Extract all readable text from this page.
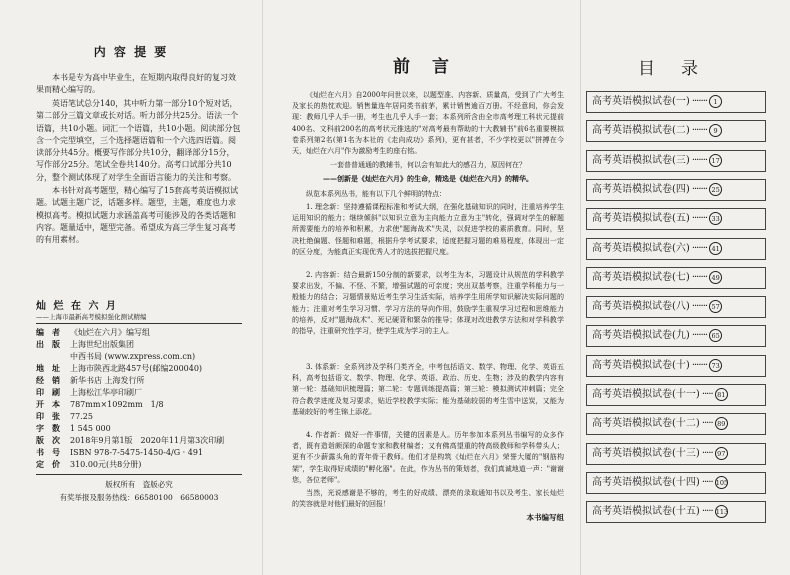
内 容 提 要
本书是专为高中毕业生，在短期内取得良好的复习效果而精心编写的。
英语笔试总分140，其中听力第一部分10个短对话，第二部分三篇文章或长对话。听力部分共25分。语法一个语篇，共10小题。词汇一个语篇，共10小题。阅读部分包含一个完型填空，三个选择题语篇和一个六选四语篇。阅读部分共45分。概要写作部分共10分，翻译部分15分，写作部分25分。笔试全卷共140分。高考口试部分共10分，整个测试体现了对学生全面语言能力的关注和考察。
本书针对高考题型，精心编写了15套高考英语模拟试题。试题主题广泛，话题多样。题型，主题，难度也力求模拟高考。模拟试题力求涵盖高考可能涉及的各类话题和内容。题量适中，题型完备。希望成为高三学生复习高考的有用素材。
灿 烂 在 六 月
——上海市最新高考模拟强化测试精编
编　者 《灿烂在六月》编写组
出　版 上海世纪出版集团
中西书局 (www.zxpress.com.cn)
地　址 上海市陕西北路457号(邮编200040)
经　销 新华书店 上海发行所
印　刷 上海松江华亭印刷厂
开　本 787mm×1092mm　1/8
印　张 77.25
字　数 1 545 000
版　次 2018年9月第1版　2020年11月第3次印刷
书　号 ISBN 978-7-5475-1450-4/G · 491
定　价 310.00元(共8分册)
版权所有　盗版必究
有奖举报及服务热线：66580100　66580003
前言
《灿烂在六月》自2000年问世以来，以题型准、内容新、质量高，受到了广大考生及家长的热忱欢迎。销售量连年居同类书前茅，累计销售逾百万册。不经意间，你会发现：教师几乎人手一册，考生也几乎人手一套；本系列所含由全市高考理工科状元提前400名、文科前200名的高考状元推选的"对高考最有帮助的十大教辅书"前6名重要模拟卷系列第2名(第1名为本社的《走向成功》系列)，更有甚者，不少学校更以"拼搏在今天，灿烂在六月"作为激励考生的座右铭。
一套普普通通的教辅书，何以会有如此大的感召力，原因何在？
——创新是《灿烂在六月》的生命，精选是《灿烂在六月》的精华。
纵览本系列丛书，能有以下几个鲜明的特点：
1. 理念新：坚持遵循课程标准和考试大纲，在强化基础知识的同时，注重培养学生运用知识的能力；继续倾斜"以知识立意为主向能力立意为主"转化，强调对学生的解题所需要能力的培养和积累，力求使"题海战术"失灵，以促进学校的素质教育。同时，坚决杜绝偏题、怪题和难题，根据升学考试要求，适度把握习题的难易程度，体现出一定的区分度，为能真正实现优秀人才的选拔把握尺度。
2. 内容新：结合最新150分制的新要求，以考生为本，习题设计从规范的学科教学要求出发，不偏、不怪、不繁，增强试题的可亲度；突出双基考察，注重学科能力与一般能力的结合；习题情景贴近考生学习生活实际，培养学生用所学知识解决实际问题的能力；注重对考生学习习惯、学习方法的导向作用，鼓励学生重视学习过程和思维能力的培养，反对"题海战术"、死记硬背和繁杂的推导；体现对改进教学方法和对学科教学的指导，注重研究性学习，使学生成为学习的主人。
3. 体系新：全系列涉及学科门类齐全，中考包括语文、数学、物理、化学、英语五科，高考包括语文、数学、物理、化学、英语、政治、历史、生物；涉及的教学内容有第一轮：基础知识梳理篇；第二轮：专题训练提高篇；第三轮：模拟测试冲刺篇；完全符合教学进度及复习要求，贴近学校教学实际；能为基础较弱的考生雪中送炭，又能为基础较好的考生锦上添花。
4. 作者新：做好一件事情，关键的因素是人。历年参加本系列丛书编写的众多作者，既有造诣颇深的命题专家和教材编者；又有佛高望重的特高级教师和学科带头人；更有不少薪露头角的青年骨干教师。他们才是构筑《灿烂在六月》荣誉大厦的"钢筋构架"，学生取得好成绩的"孵化器"。在此，作为丛书的策划者，我们真诚地道一声："谢谢您，各位老师"。
当然，光说感谢是不够的，考生的好成绩、漂亮的录取通知书以及考生、家长灿烂的笑容就是对他们最好的回报！
本书编写组
目录
高考英语模拟试卷(一) ······· 1
高考英语模拟试卷(二) ······· 9
高考英语模拟试卷(三) ······· 17
高考英语模拟试卷(四) ······· 25
高考英语模拟试卷(五) ······· 33
高考英语模拟试卷(六) ······· 41
高考英语模拟试卷(七) ······· 49
高考英语模拟试卷(八) ······· 57
高考英语模拟试卷(九) ······· 65
高考英语模拟试卷(十) ······· 73
高考英语模拟试卷(十一) ····· 81
高考英语模拟试卷(十二) ····· 89
高考英语模拟试卷(十三) ····· 97
高考英语模拟试卷(十四) ····· 105
高考英语模拟试卷(十五) ····· 113
